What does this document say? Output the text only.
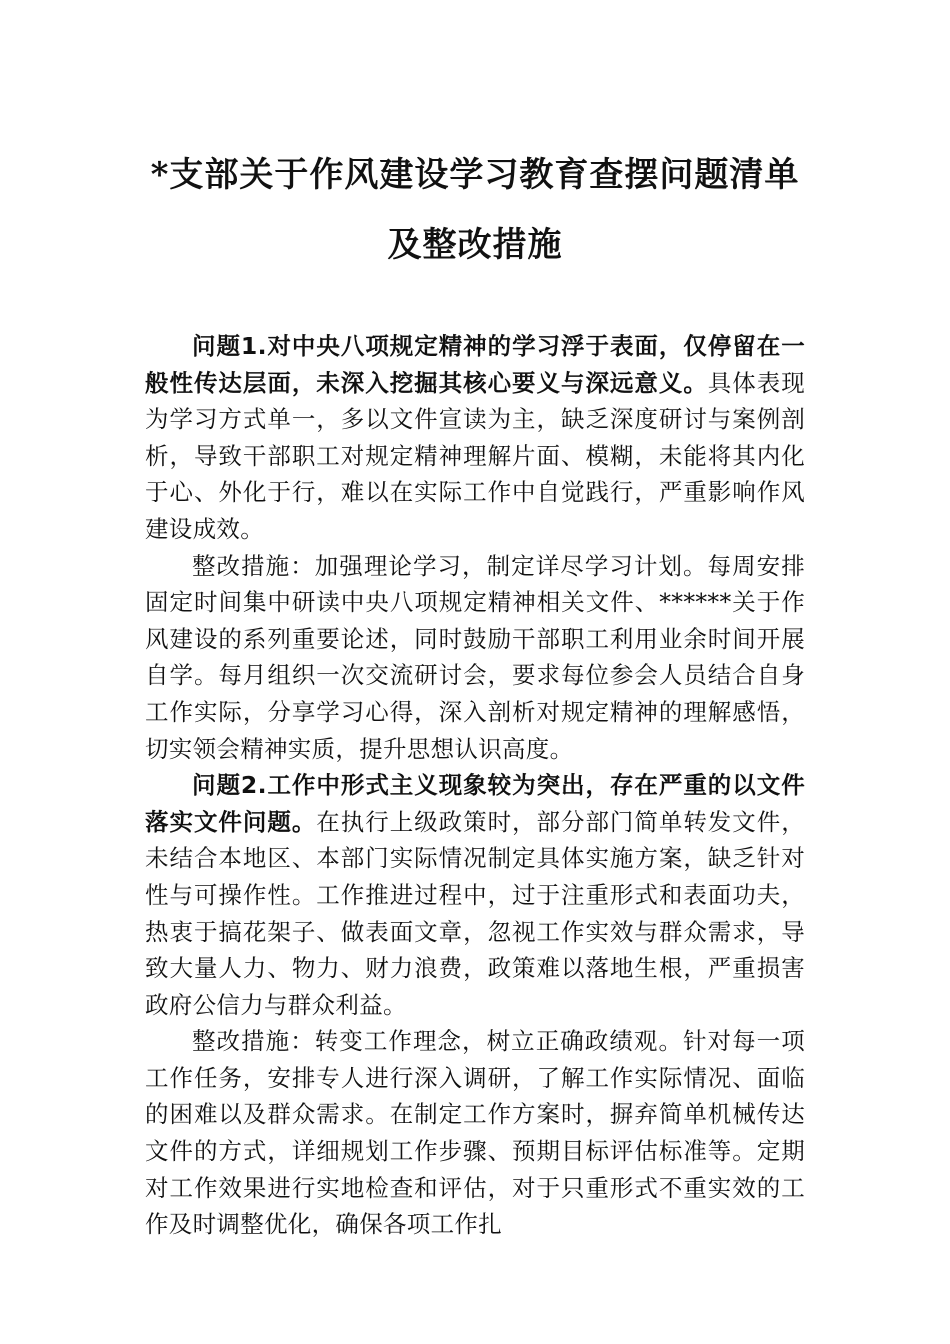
*支部关于作风建设学习教育查摆问题清单
及整改措施

问题1.对中央八项规定精神的学习浮于表面，仅停留在一般性传达层面，未深入挖掘其核心要义与深远意义。具体表现为学习方式单一，多以文件宣读为主，缺乏深度研讨与案例剖析，导致干部职工对规定精神理解片面、模糊，未能将其内化于心、外化于行，难以在实际工作中自觉践行，严重影响作风建设成效。

整改措施：加强理论学习，制定详尽学习计划。每周安排固定时间集中研读中央八项规定精神相关文件、******关于作风建设的系列重要论述，同时鼓励干部职工利用业余时间开展自学。每月组织一次交流研讨会，要求每位参会人员结合自身工作实际，分享学习心得，深入剖析对规定精神的理解感悟，切实领会精神实质，提升思想认识高度。

问题2.工作中形式主义现象较为突出，存在严重的以文件落实文件问题。在执行上级政策时，部分部门简单转发文件，未结合本地区、本部门实际情况制定具体实施方案，缺乏针对性与可操作性。工作推进过程中，过于注重形式和表面功夫，热衷于搞花架子、做表面文章，忽视工作实效与群众需求，导致大量人力、物力、财力浪费，政策难以落地生根，严重损害政府公信力与群众利益。

整改措施：转变工作理念，树立正确政绩观。针对每一项工作任务，安排专人进行深入调研，了解工作实际情况、面临的困难以及群众需求。在制定工作方案时，摒弃简单机械传达文件的方式，详细规划工作步骤、预期目标评估标准等。定期对工作效果进行实地检查和评估，对于只重形式不重实效的工作及时调整优化，确保各项工作扎
